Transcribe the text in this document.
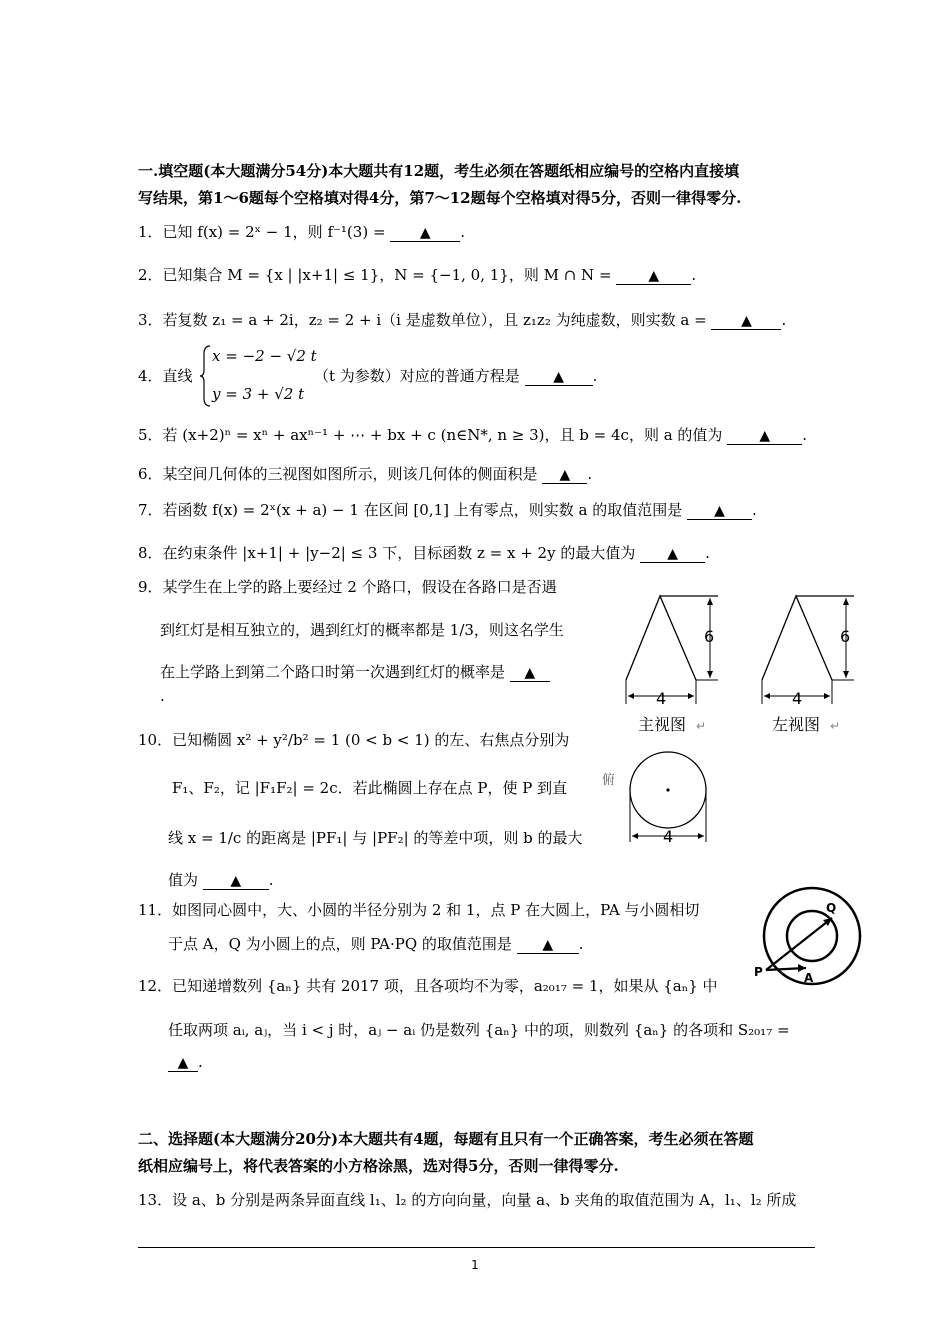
一.填空题(本大题满分54分)本大题共有12题，考生必须在答题纸相应编号的空格内直接填
写结果，第1～6题每个空格填对得4分，第7～12题每个空格填对得5分，否则一律得零分.
1．已知 f(x) = 2ˣ − 1，则 f⁻¹(3) = ▲ .
2．已知集合 M = {x | |x+1| ≤ 1}，N = {−1, 0, 1}，则 M ∩ N =	▲ .
3．若复数 z₁ = a + 2i，z₂ = 2 + i（i 是虚数单位），且 z₁z₂ 为纯虚数，则实数 a = ▲ .
4．直线
x = −2 − √2 t
y = 3 + √2 t
（t 为参数）对应的普通方程是 ▲ .
5．若 (x+2)ⁿ = xⁿ + axⁿ⁻¹ + ⋯ + bx + c (n∈N*, n ≥ 3)，且 b = 4c，则 a 的值为	▲ .
6．某空间几何体的三视图如图所示，则该几何体的侧面积是 ▲ .
7．若函数 f(x) = 2ˣ(x + a) − 1 在区间 [0,1] 上有零点，则实数 a 的取值范围是 ▲ .
8．在约束条件 |x+1| + |y−2| ≤ 3 下，目标函数 z = x + 2y 的最大值为 ▲ .
9．某学生在上学的路上要经过 2 个路口，假设在各路口是否遇
到红灯是相互独立的，遇到红灯的概率都是 1/3，则这名学生
在上学路上到第二个路口时第一次遇到红灯的概率是 ▲
.
10．已知椭圆 x² + y²/b² = 1 (0 < b < 1) 的左、右焦点分别为
F₁、F₂，记 |F₁F₂| = 2c．若此椭圆上存在点 P，使 P 到直
线 x = 1/c 的距离是 |PF₁| 与 |PF₂| 的等差中项，则 b 的最大
值为 ▲ .
11．如图同心圆中，大、小圆的半径分别为 2 和 1，点 P 在大圆上，PA 与小圆相切
于点 A，Q 为小圆上的点，则 PA·PQ 的取值范围是 ▲ .
12．已知递增数列 {aₙ} 共有 2017 项，且各项均不为零，a₂₀₁₇ = 1，如果从 {aₙ} 中
任取两项 aᵢ, aⱼ，当 i < j 时，aⱼ − aᵢ 仍是数列 {aₙ} 中的项，则数列 {aₙ} 的各项和 S₂₀₁₇ =
▲ .
二、选择题(本大题满分20分)本大题共有4题，每题有且只有一个正确答案，考生必须在答题
纸相应编号上，将代表答案的小方格涂黑，选对得5分，否则一律得零分.
13．设 a、b 分别是两条异面直线 l₁、l₂ 的方向向量，向量 a、b 夹角的取值范围为 A，l₁、l₂ 所成
6
4
主视图 ↵
6
4
左视图 ↵
俯
4
Q
P	A
1
